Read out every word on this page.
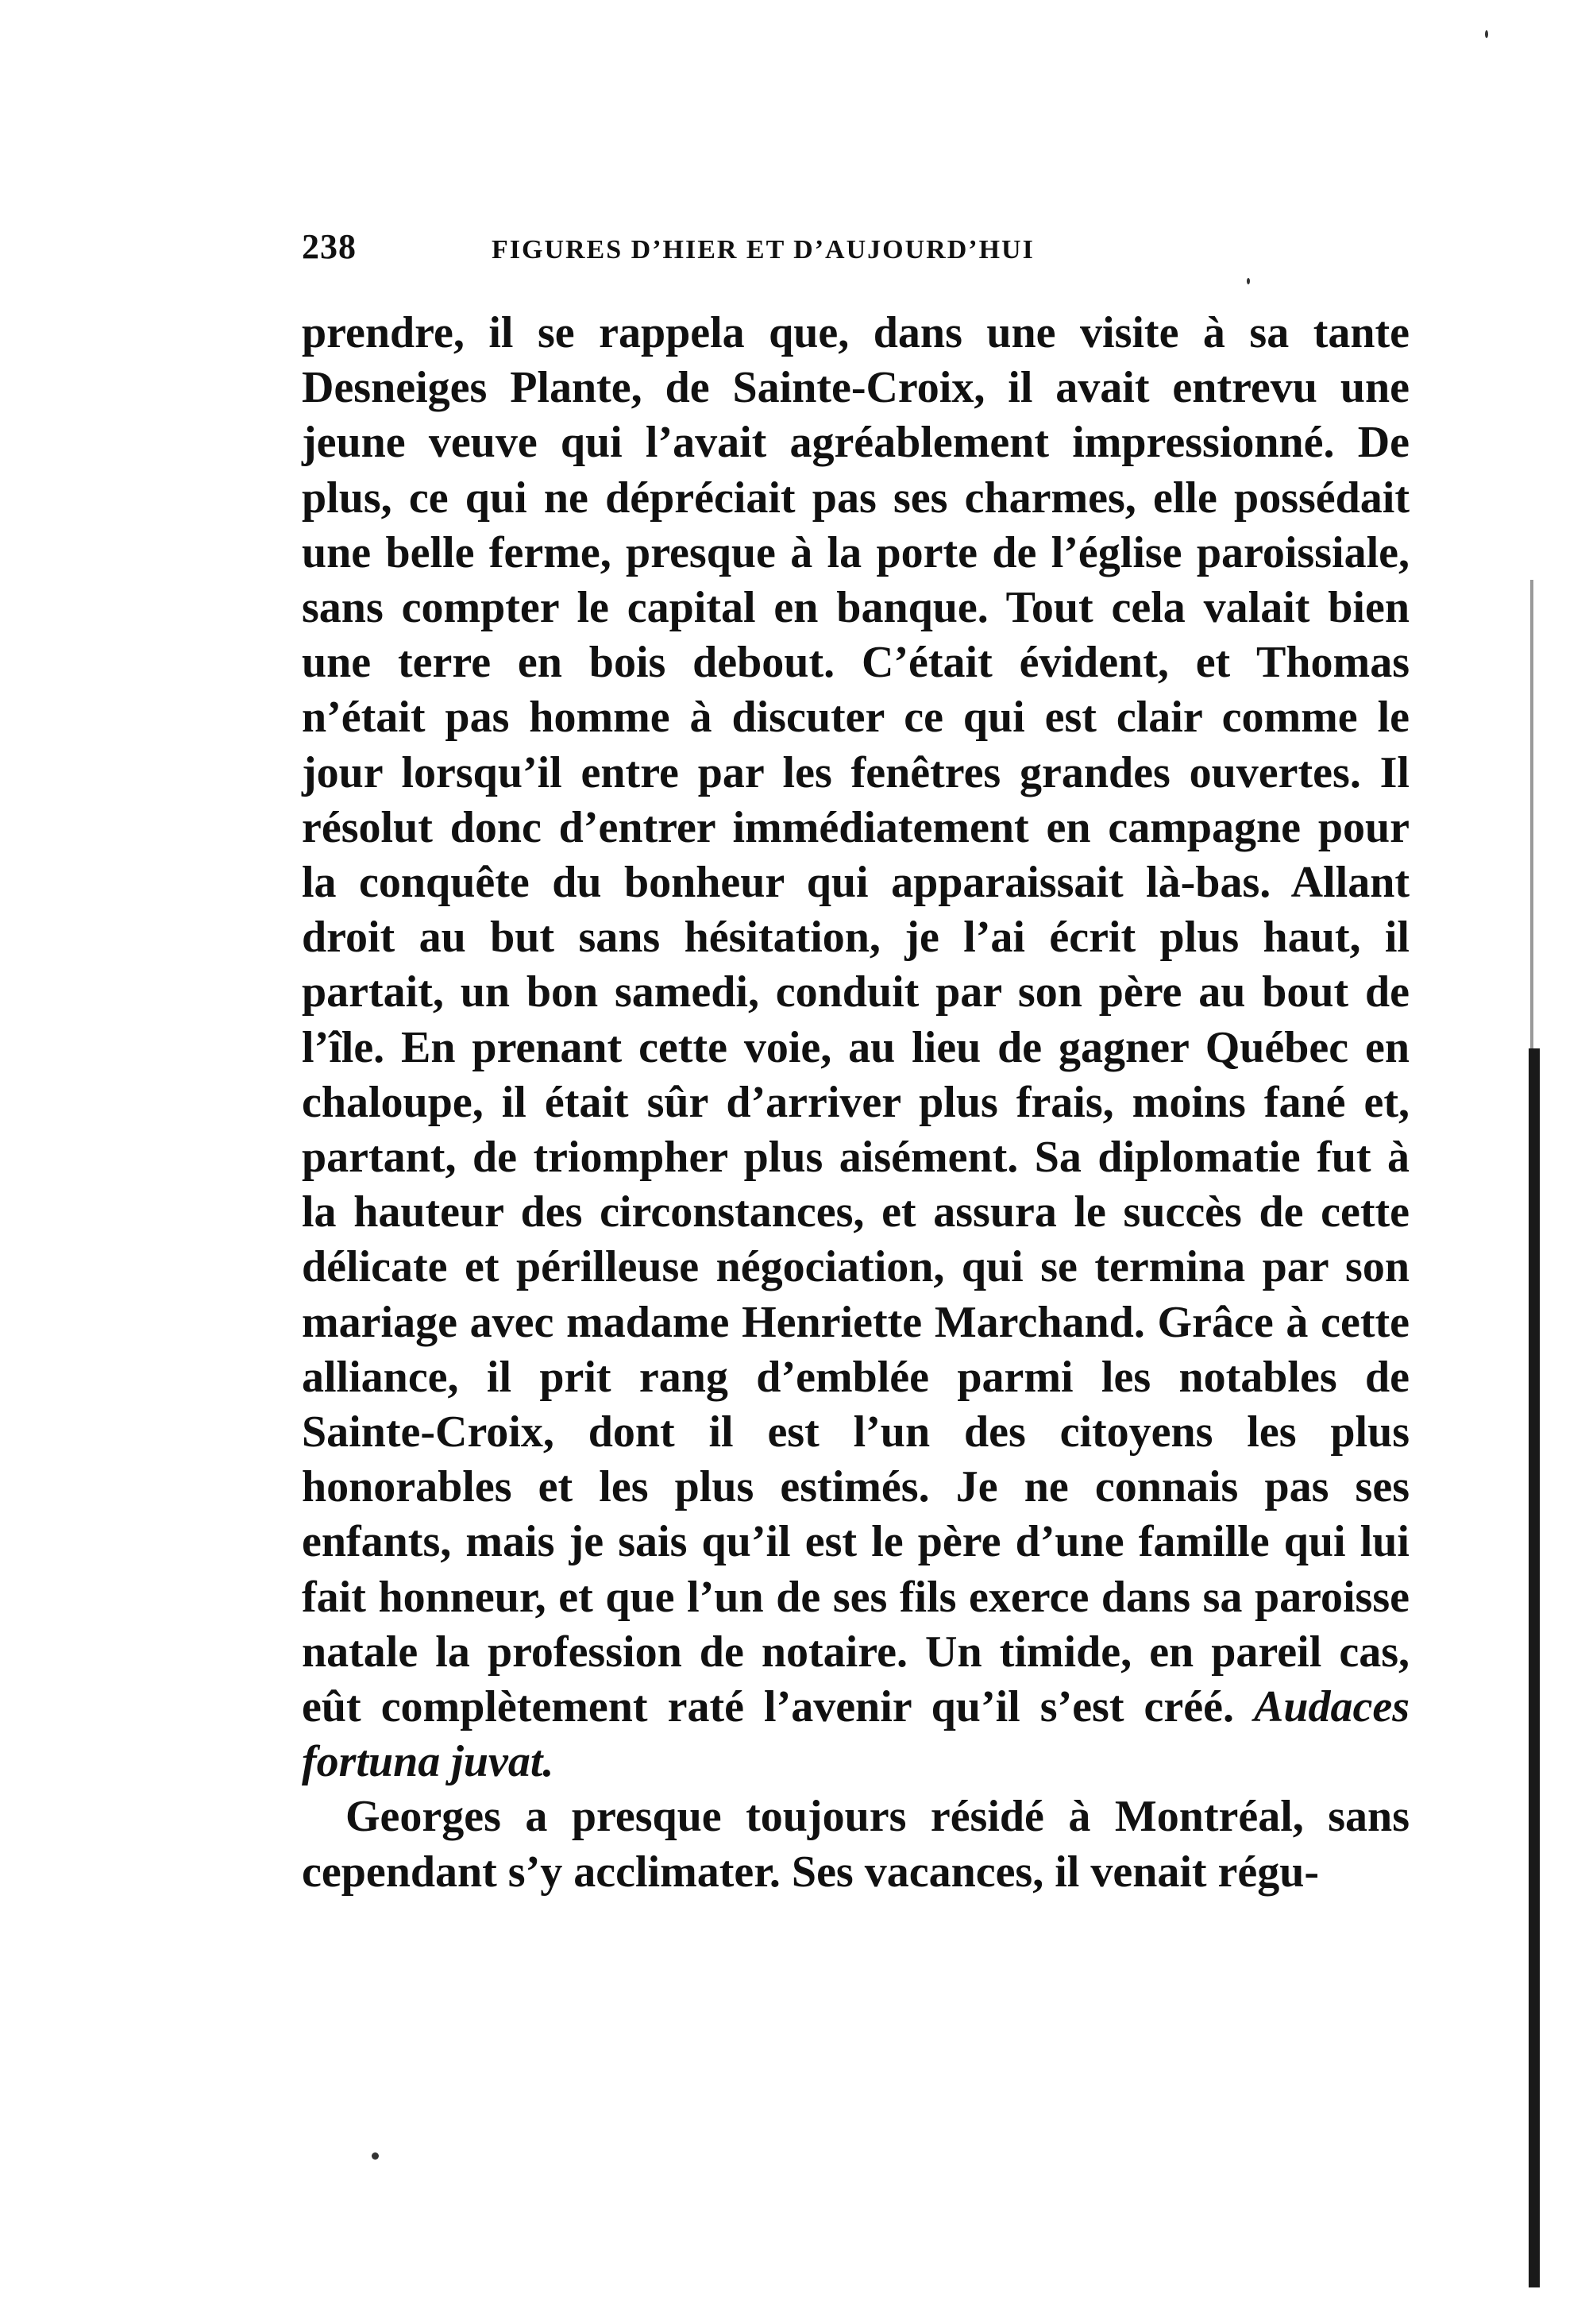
238	FIGURES D’HIER ET D’AUJOURD’HUI

prendre, il se rappela que, dans une visite à sa tante Desneiges Plante, de Sainte-Croix, il avait entrevu une jeune veuve qui l’avait agréablement impressionné. De plus, ce qui ne dépréciait pas ses charmes, elle possédait une belle ferme, presque à la porte de l’église paroissiale, sans compter le capital en banque. Tout cela valait bien une terre en bois debout. C’était évident, et Thomas n’était pas homme à discuter ce qui est clair comme le jour lorsqu’il entre par les fenêtres grandes ouvertes. Il résolut donc d’entrer immédiatement en campagne pour la conquête du bonheur qui apparaissait là-bas. Allant droit au but sans hésitation, je l’ai écrit plus haut, il partait, un bon samedi, conduit par son père au bout de l’île. En prenant cette voie, au lieu de gagner Québec en chaloupe, il était sûr d’arriver plus frais, moins fané et, partant, de triompher plus aisément. Sa diplomatie fut à la hauteur des circonstances, et assura le succès de cette délicate et périlleuse négociation, qui se termina par son mariage avec madame Henriette Marchand. Grâce à cette alliance, il prit rang d’emblée parmi les notables de Sainte-Croix, dont il est l’un des citoyens les plus honorables et les plus estimés. Je ne connais pas ses enfants, mais je sais qu’il est le père d’une famille qui lui fait honneur, et que l’un de ses fils exerce dans sa paroisse natale la profession de notaire. Un timide, en pareil cas, eût complètement raté l’avenir qu’il s’est créé. Audaces fortuna juvat.

Georges a presque toujours résidé à Montréal, sans cependant s’y acclimater. Ses vacances, il venait régu-
